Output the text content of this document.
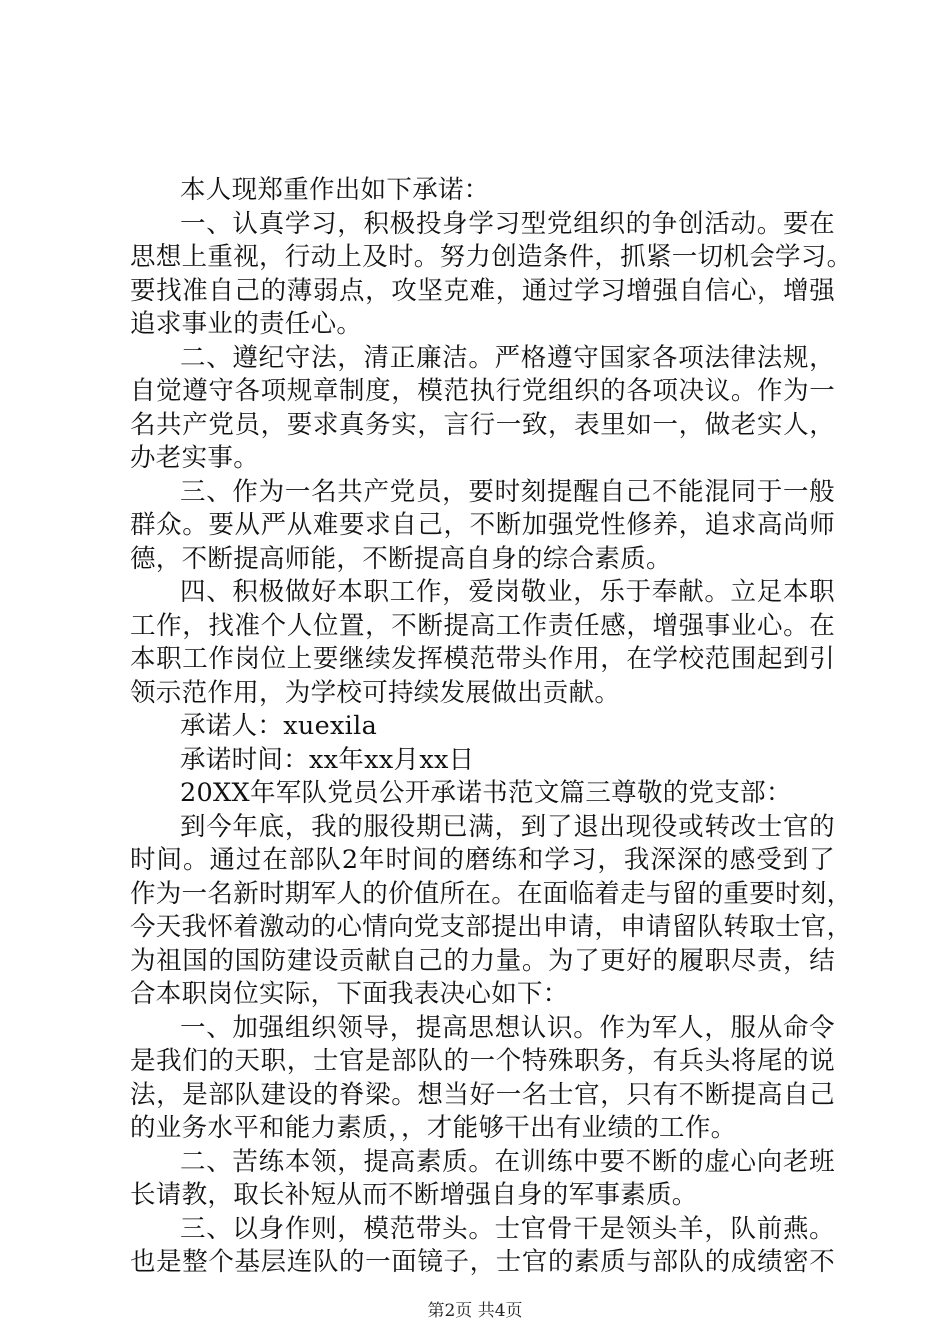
本人现郑重作出如下承诺：
一、认真学习，积极投身学习型党组织的争创活动。要在
思想上重视，行动上及时。努力创造条件，抓紧一切机会学习。
要找准自己的薄弱点，攻坚克难，通过学习增强自信心，增强
追求事业的责任心。
二、遵纪守法，清正廉洁。严格遵守国家各项法律法规，
自觉遵守各项规章制度，模范执行党组织的各项决议。作为一
名共产党员，要求真务实，言行一致，表里如一，做老实人，
办老实事。
三、作为一名共产党员，要时刻提醒自己不能混同于一般
群众。要从严从难要求自己，不断加强党性修养，追求高尚师
德，不断提高师能，不断提高自身的综合素质。
四、积极做好本职工作，爱岗敬业，乐于奉献。立足本职
工作，找准个人位置，不断提高工作责任感，增强事业心。在
本职工作岗位上要继续发挥模范带头作用，在学校范围起到引
领示范作用，为学校可持续发展做出贡献。
承诺人：xuexila
承诺时间：xx年xx月xx日
20XX年军队党员公开承诺书范文篇三尊敬的党支部：
到今年底，我的服役期已满，到了退出现役或转改士官的
时间。通过在部队2年时间的磨练和学习，我深深的感受到了
作为一名新时期军人的价值所在。在面临着走与留的重要时刻，
今天我怀着激动的心情向党支部提出申请，申请留队转取士官，
为祖国的国防建设贡献自己的力量。为了更好的履职尽责，结
合本职岗位实际，下面我表决心如下：
一、加强组织领导，提高思想认识。作为军人，服从命令
是我们的天职，士官是部队的一个特殊职务，有兵头将尾的说
法，是部队建设的脊梁。想当好一名士官，只有不断提高自己
的业务水平和能力素质，，才能够干出有业绩的工作。
二、苦练本领，提高素质。在训练中要不断的虚心向老班
长请教，取长补短从而不断增强自身的军事素质。
三、以身作则，模范带头。士官骨干是领头羊，队前燕。
也是整个基层连队的一面镜子，士官的素质与部队的成绩密不
第2页 共4页
